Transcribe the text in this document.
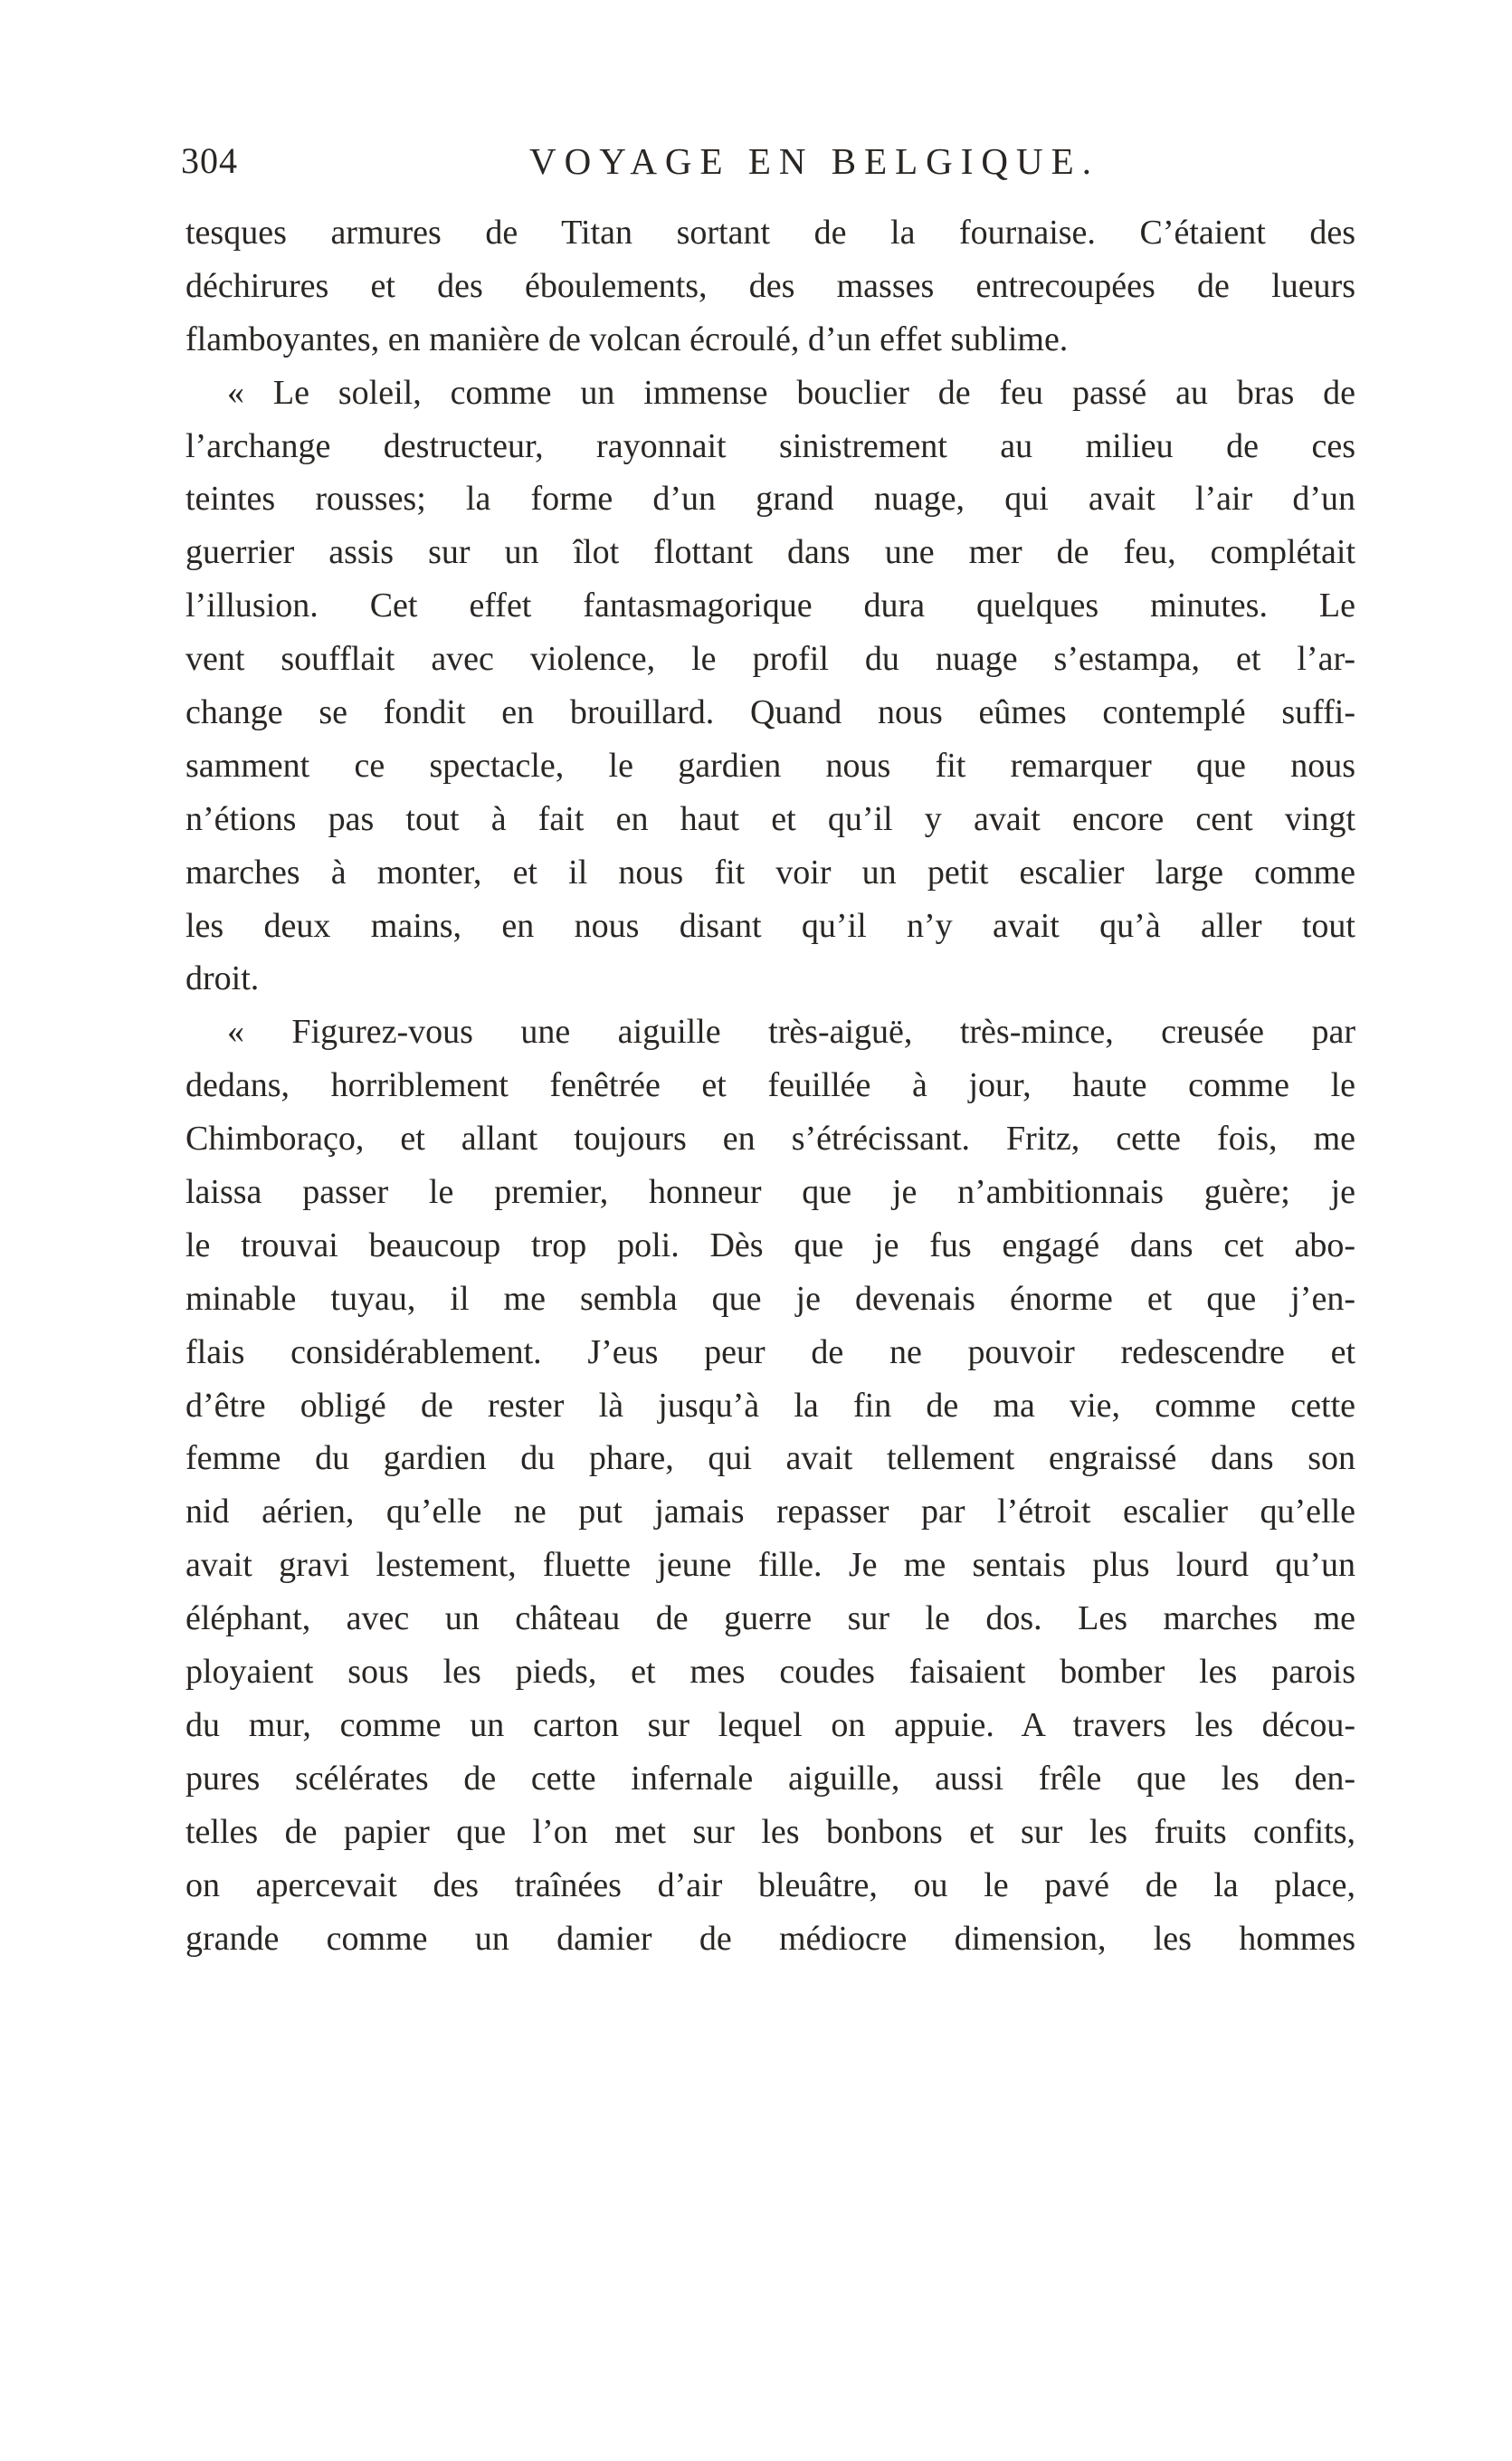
304	VOYAGE EN BELGIQUE.
tesques armures de Titan sortant de la fournaise. C’étaient des
déchirures et des éboulements, des masses entrecoupées de lueurs
flamboyantes, en manière de volcan écroulé, d’un effet sublime.
« Le soleil, comme un immense bouclier de feu passé au bras de
l’archange destructeur, rayonnait sinistrement au milieu de ces
teintes rousses; la forme d’un grand nuage, qui avait l’air d’un
guerrier assis sur un îlot flottant dans une mer de feu, complétait
l’illusion. Cet effet fantasmagorique dura quelques minutes. Le
vent soufflait avec violence, le profil du nuage s’estampa, et l’ar-
change se fondit en brouillard. Quand nous eûmes contemplé suffi-
samment ce spectacle, le gardien nous fit remarquer que nous
n’étions pas tout à fait en haut et qu’il y avait encore cent vingt
marches à monter, et il nous fit voir un petit escalier large comme
les deux mains, en nous disant qu’il n’y avait qu’à aller tout
droit.
« Figurez-vous une aiguille très-aiguë, très-mince, creusée par
dedans, horriblement fenêtrée et feuillée à jour, haute comme le
Chimboraço, et allant toujours en s’étrécissant. Fritz, cette fois, me
laissa passer le premier, honneur que je n’ambitionnais guère; je
le trouvai beaucoup trop poli. Dès que je fus engagé dans cet abo-
minable tuyau, il me sembla que je devenais énorme et que j’en-
flais considérablement. J’eus peur de ne pouvoir redescendre et
d’être obligé de rester là jusqu’à la fin de ma vie, comme cette
femme du gardien du phare, qui avait tellement engraissé dans son
nid aérien, qu’elle ne put jamais repasser par l’étroit escalier qu’elle
avait gravi lestement, fluette jeune fille. Je me sentais plus lourd qu’un
éléphant, avec un château de guerre sur le dos. Les marches me
ployaient sous les pieds, et mes coudes faisaient bomber les parois
du mur, comme un carton sur lequel on appuie. A travers les décou-
pures scélérates de cette infernale aiguille, aussi frêle que les den-
telles de papier que l’on met sur les bonbons et sur les fruits confits,
on apercevait des traînées d’air bleuâtre, ou le pavé de la place,
grande comme un damier de médiocre dimension, les hommes
